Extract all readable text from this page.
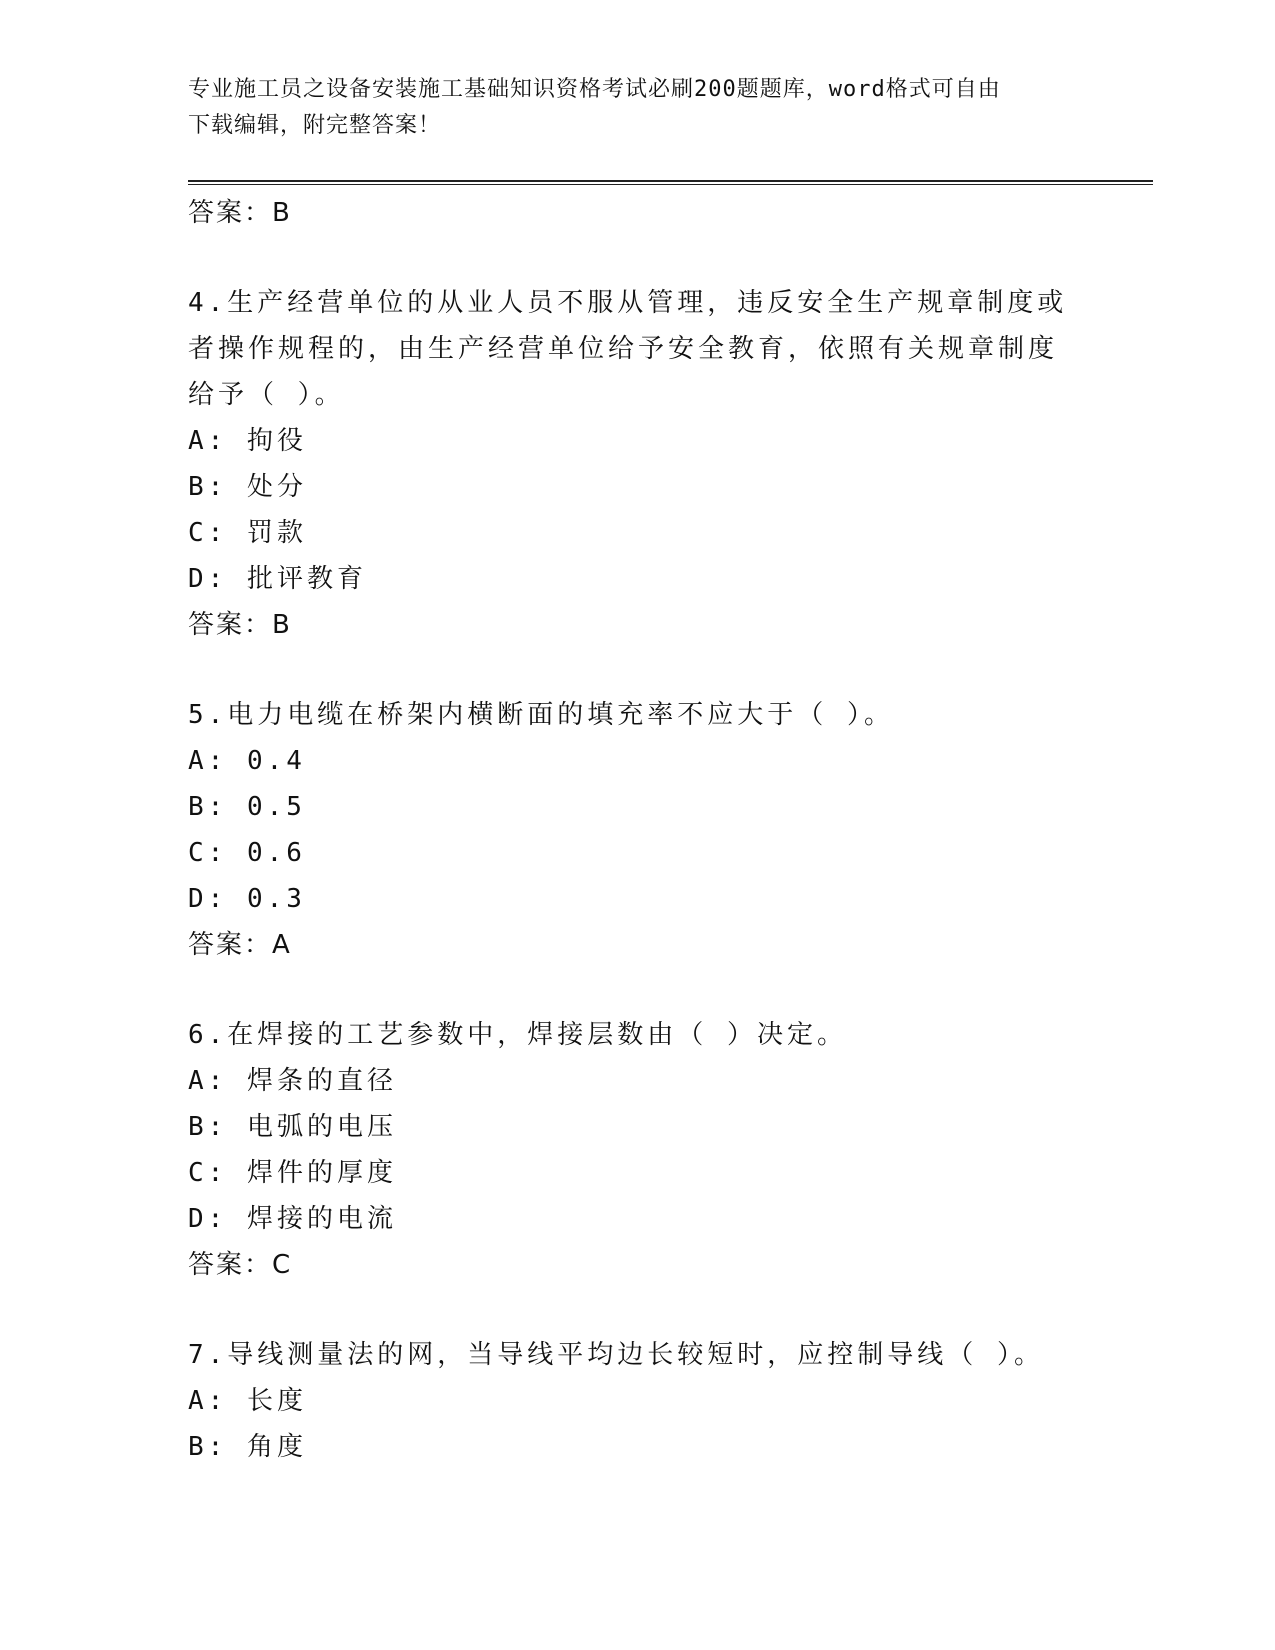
专业施工员之设备安装施工基础知识资格考试必刷200题题库，word格式可自由
下载编辑，附完整答案！
答案：B
4.生产经营单位的从业人员不服从管理，违反安全生产规章制度或者操作规程的，由生产经营单位给予安全教育，依照有关规章制度给予（ ）。
A: 拘役
B: 处分
C: 罚款
D: 批评教育
答案：B
5.电力电缆在桥架内横断面的填充率不应大于（ ）。
A: 0.4
B: 0.5
C: 0.6
D: 0.3
答案：A
6.在焊接的工艺参数中，焊接层数由（ ）决定。
A: 焊条的直径
B: 电弧的电压
C: 焊件的厚度
D: 焊接的电流
答案：C
7.导线测量法的网，当导线平均边长较短时，应控制导线（ ）。
A: 长度
B: 角度
